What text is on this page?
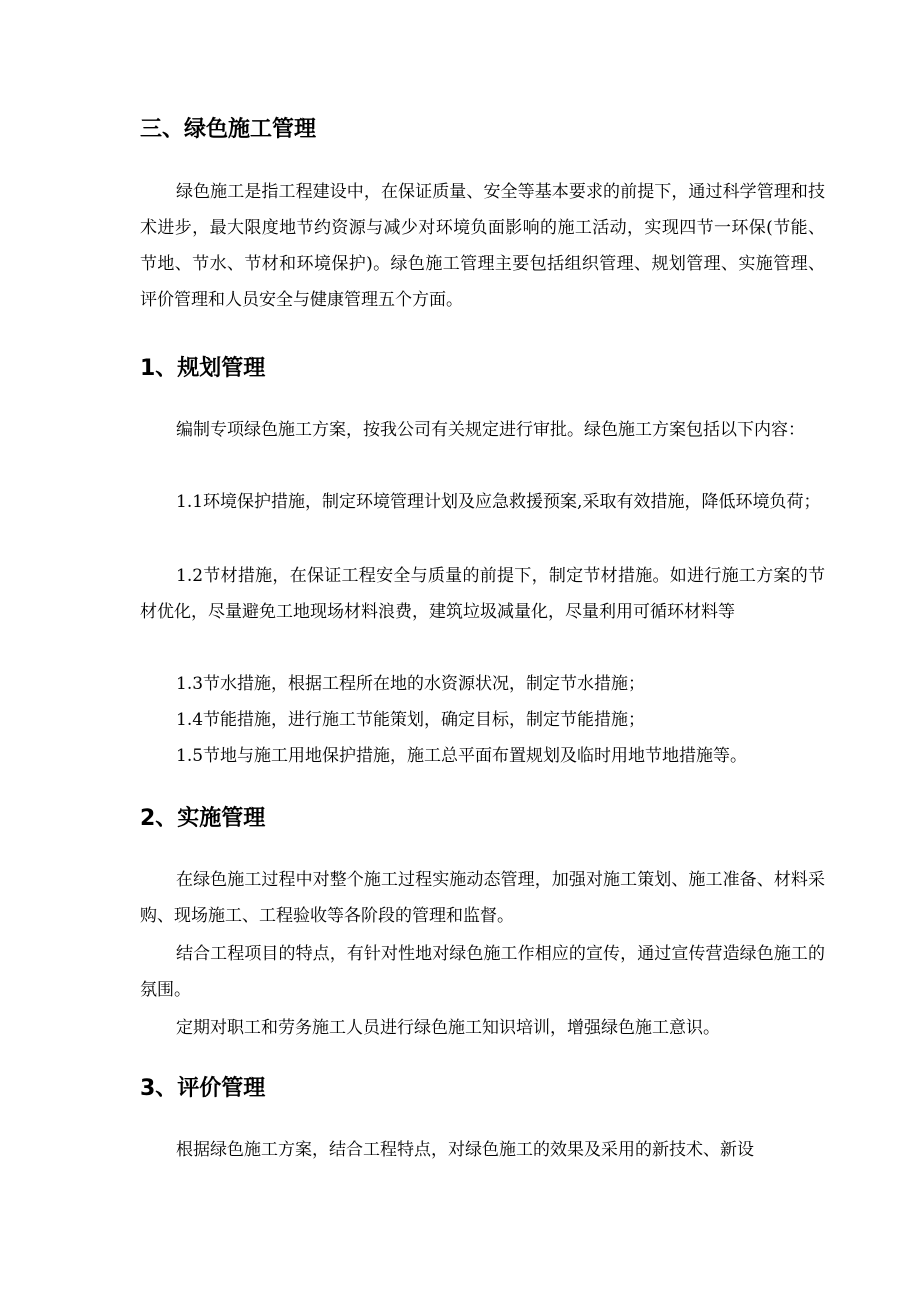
三、绿色施工管理
绿色施工是指工程建设中，在保证质量、安全等基本要求的前提下，通过科学管理和技术进步，最大限度地节约资源与减少对环境负面影响的施工活动，实现四节一环保(节能、节地、节水、节材和环境保护)。绿色施工管理主要包括组织管理、规划管理、实施管理、评价管理和人员安全与健康管理五个方面。
1、规划管理
编制专项绿色施工方案，按我公司有关规定进行审批。绿色施工方案包括以下内容：
1.1环境保护措施，制定环境管理计划及应急救援预案,采取有效措施，降低环境负荷；
1.2节材措施，在保证工程安全与质量的前提下，制定节材措施。如进行施工方案的节材优化，尽量避免工地现场材料浪费，建筑垃圾减量化，尽量利用可循环材料等
1.3节水措施，根据工程所在地的水资源状况，制定节水措施；
1.4节能措施，进行施工节能策划，确定目标，制定节能措施；
1.5节地与施工用地保护措施，施工总平面布置规划及临时用地节地措施等。
2、实施管理
在绿色施工过程中对整个施工过程实施动态管理，加强对施工策划、施工准备、材料采购、现场施工、工程验收等各阶段的管理和监督。
结合工程项目的特点，有针对性地对绿色施工作相应的宣传，通过宣传营造绿色施工的氛围。
定期对职工和劳务施工人员进行绿色施工知识培训，增强绿色施工意识。
3、评价管理
根据绿色施工方案，结合工程特点，对绿色施工的效果及采用的新技术、新设
